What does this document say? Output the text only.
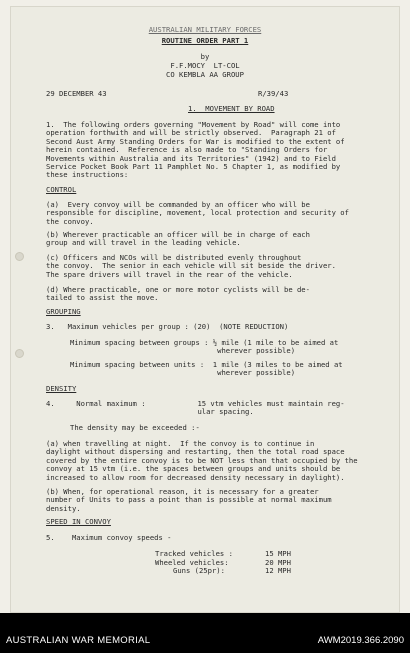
AUSTRALIAN MILITARY FORCES
ROUTINE ORDER PART 1
by
F.F.MOCY  LT-COL
CO KEMBLA AA GROUP
29 DECEMBER 43	R/39/43
1.  MOVEMENT BY ROAD
1.  The following orders governing "Movement by Road" will come into
operation forthwith and will be strictly observed.  Paragraph 21 of
Second Aust Army Standing Orders for War is modified to the extent of
herein contained.  Reference is also made to "Standing Orders for
Movements within Australia and its Territories" (1942) and to Field
Service Pocket Book Part 11 Pamphlet No. 5 Chapter 1, as modified by
these instructions:
CONTROL
(a)  Every convoy will be commanded by an officer who will be
responsible for discipline, movement, local protection and security of
the convoy.
(b) Wherever practicable an officer will be in charge of each
group and will travel in the leading vehicle.
(c) Officers and NCOs will be distributed evenly throughout
the convoy.  The senior in each vehicle will sit beside the driver.
The spare drivers will travel in the rear of the vehicle.
(d) Where practicable, one or more motor cyclists will be de-
tailed to assist the move.
GROUPING
3.   Maximum vehicles per group : (20)  (NOTE REDUCTION)
Minimum spacing between groups : ½ mile (1 mile to be aimed at
wherever possible)
Minimum spacing between units :  1 mile (3 miles to be aimed at
wherever possible)
DENSITY
4.     Normal maximum :            15 vtm vehicles must maintain reg-
ular spacing.
The density may be exceeded :-
(a) when travelling at night.  If the convoy is to continue in
daylight without dispersing and restarting, then the total road space
covered by the entire convoy is to be NOT less than that occupied by the
convoy at 15 vtm (i.e. the spaces between groups and units should be
increased to allow room for decreased density necessary in daylight).
(b) When, for operational reason, it is necessary for a greater
number of Units to pass a point than is possible at normal maximum
density.
SPEED IN CONVOY
5.    Maximum convoy speeds -
Tracked vehicles :	15 MPH
Wheeled vehicles:	20 MPH
Guns (25pr):	12 MPH
AUSTRALIAN WAR MEMORIAL	AWM2019.366.2090
